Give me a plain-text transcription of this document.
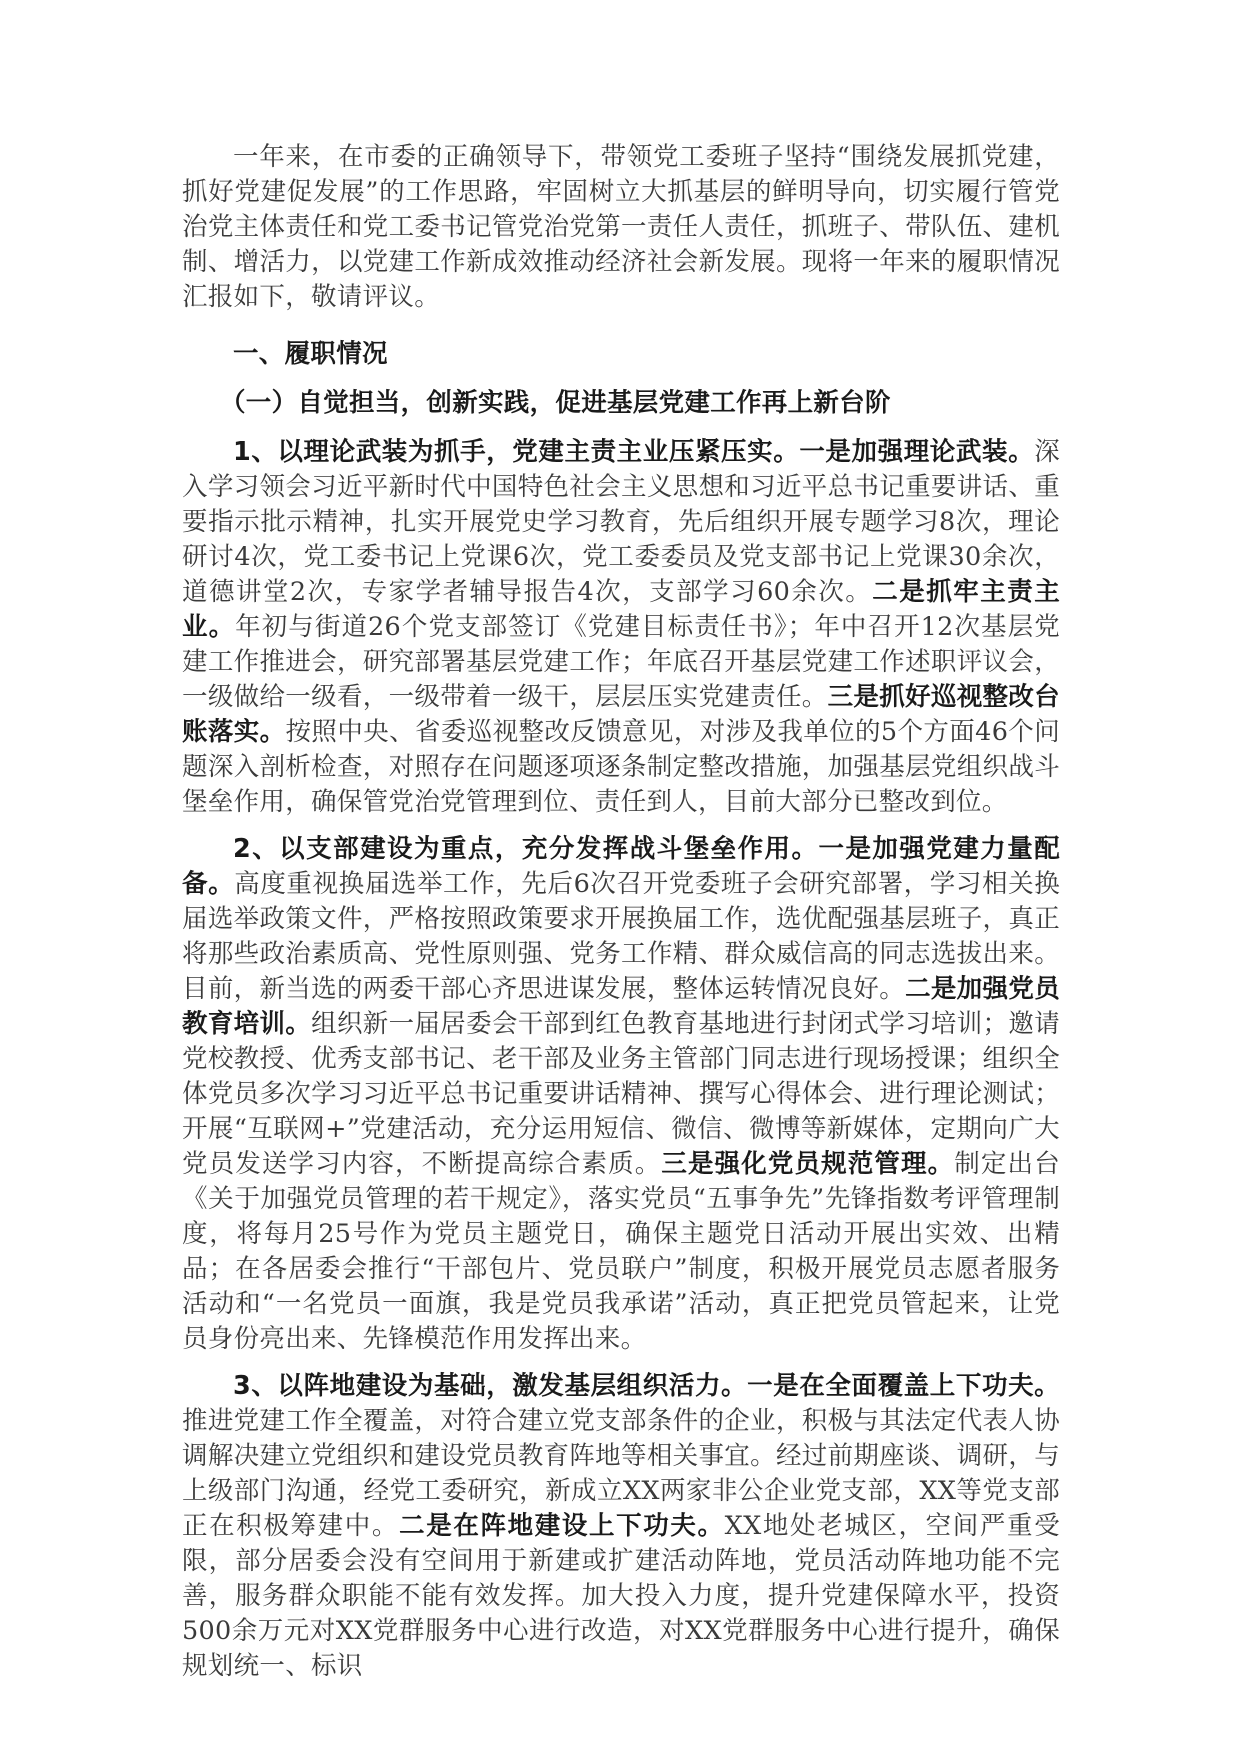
一年来，在市委的正确领导下，带领党工委班子坚持“围绕发展抓党建，抓好党建促发展”的工作思路，牢固树立大抓基层的鲜明导向，切实履行管党治党主体责任和党工委书记管党治党第一责任人责任，抓班子、带队伍、建机制、增活力，以党建工作新成效推动经济社会新发展。现将一年来的履职情况汇报如下，敬请评议。

一、履职情况

（一）自觉担当，创新实践，促进基层党建工作再上新台阶

1、以理论武装为抓手，党建主责主业压紧压实。一是加强理论武装。深入学习领会习近平新时代中国特色社会主义思想和习近平总书记重要讲话、重要指示批示精神，扎实开展党史学习教育，先后组织开展专题学习8次，理论研讨4次，党工委书记上党课6次，党工委委员及党支部书记上党课30余次，道德讲堂2次，专家学者辅导报告4次，支部学习60余次。二是抓牢主责主业。年初与街道26个党支部签订《党建目标责任书》；年中召开12次基层党建工作推进会，研究部署基层党建工作；年底召开基层党建工作述职评议会，一级做给一级看，一级带着一级干，层层压实党建责任。三是抓好巡视整改台账落实。按照中央、省委巡视整改反馈意见，对涉及我单位的5个方面46个问题深入剖析检查，对照存在问题逐项逐条制定整改措施，加强基层党组织战斗堡垒作用，确保管党治党管理到位、责任到人，目前大部分已整改到位。

2、以支部建设为重点，充分发挥战斗堡垒作用。一是加强党建力量配备。高度重视换届选举工作，先后6次召开党委班子会研究部署，学习相关换届选举政策文件，严格按照政策要求开展换届工作，选优配强基层班子，真正将那些政治素质高、党性原则强、党务工作精、群众威信高的同志选拔出来。目前，新当选的两委干部心齐思进谋发展，整体运转情况良好。二是加强党员教育培训。组织新一届居委会干部到红色教育基地进行封闭式学习培训；邀请党校教授、优秀支部书记、老干部及业务主管部门同志进行现场授课；组织全体党员多次学习习近平总书记重要讲话精神、撰写心得体会、进行理论测试；开展“互联网+”党建活动，充分运用短信、微信、微博等新媒体，定期向广大党员发送学习内容，不断提高综合素质。三是强化党员规范管理。制定出台《关于加强党员管理的若干规定》，落实党员“五事争先”先锋指数考评管理制度，将每月25号作为党员主题党日，确保主题党日活动开展出实效、出精品；在各居委会推行“干部包片、党员联户”制度，积极开展党员志愿者服务活动和“一名党员一面旗，我是党员我承诺”活动，真正把党员管起来，让党员身份亮出来、先锋模范作用发挥出来。

3、以阵地建设为基础，激发基层组织活力。一是在全面覆盖上下功夫。推进党建工作全覆盖，对符合建立党支部条件的企业，积极与其法定代表人协调解决建立党组织和建设党员教育阵地等相关事宜。经过前期座谈、调研，与上级部门沟通，经党工委研究，新成立XX两家非公企业党支部，XX等党支部正在积极筹建中。二是在阵地建设上下功夫。XX地处老城区，空间严重受限，部分居委会没有空间用于新建或扩建活动阵地，党员活动阵地功能不完善，服务群众职能不能有效发挥。加大投入力度，提升党建保障水平，投资500余万元对XX党群服务中心进行改造，对XX党群服务中心进行提升，确保规划统一、标识
